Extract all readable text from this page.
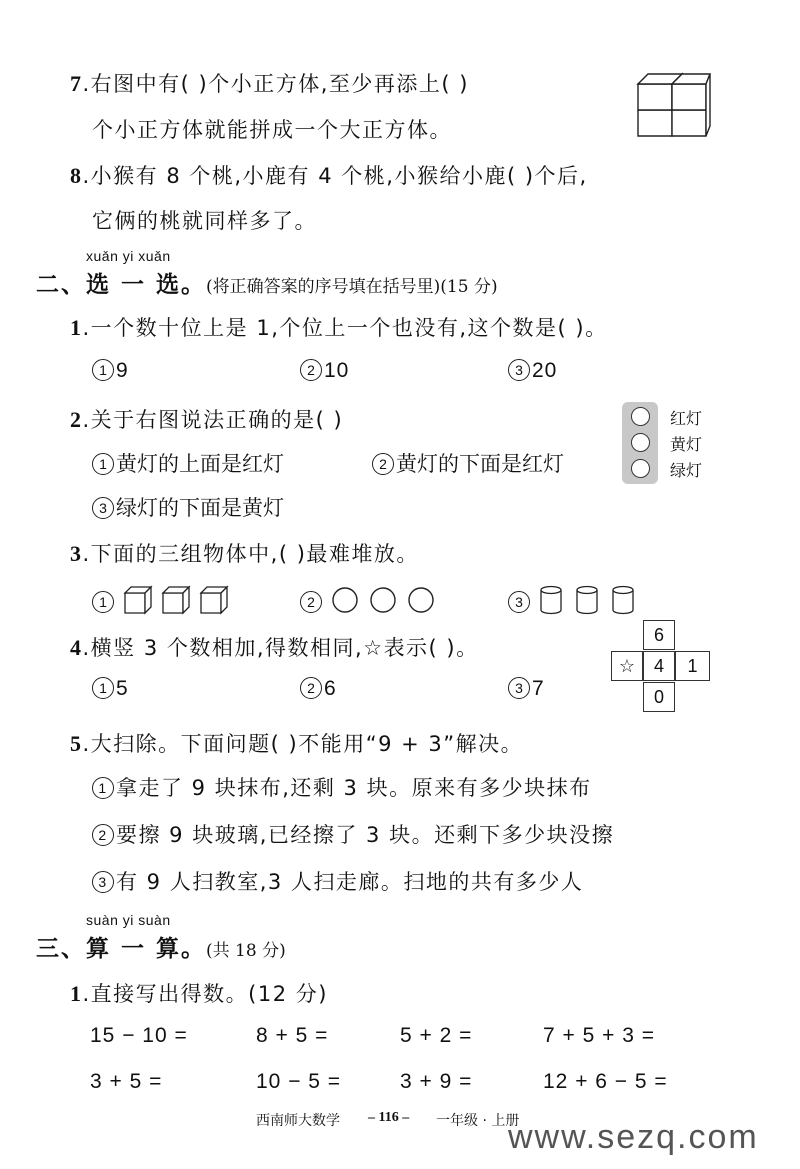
7.右图中有( )个小正方体,至少再添上( )
个小正方体就能拼成一个大正方体。
8.小猴有 8 个桃,小鹿有 4 个桃,小猴给小鹿( )个后,
它俩的桃就同样多了。
xuǎn yi xuǎn
二、选 一 选。(将正确答案的序号填在括号里)(15 分)
1.一个数十位上是 1,个位上一个也没有,这个数是( )。
1 9	2 10	3 20
2.关于右图说法正确的是( )
1 黄灯的上面是红灯	2 黄灯的下面是红灯
3 绿灯的下面是黄灯
红灯
黄灯
绿灯
3.下面的三组物体中,( )最难堆放。
1	2	3
4.横竖 3 个数相加,得数相同,☆表示( )。
1 5	2 6	3 7
6
☆	4	1
0
5.大扫除。下面问题( )不能用“9 + 3”解决。
1 拿走了 9 块抹布,还剩 3 块。原来有多少块抹布
2 要擦 9 块玻璃,已经擦了 3 块。还剩下多少块没擦
3 有 9 人扫教室,3 人扫走廊。扫地的共有多少人
suàn yi suàn
三、算 一 算。(共 18 分)
1.直接写出得数。(12 分)
15 − 10 =	8 + 5 =	5 + 2 =	7 + 5 + 3 =
3 + 5 =	10 − 5 =	3 + 9 =	12 + 6 − 5 =
西南师大数学 – 116 – 一年级 · 上册
www.sezq.com
